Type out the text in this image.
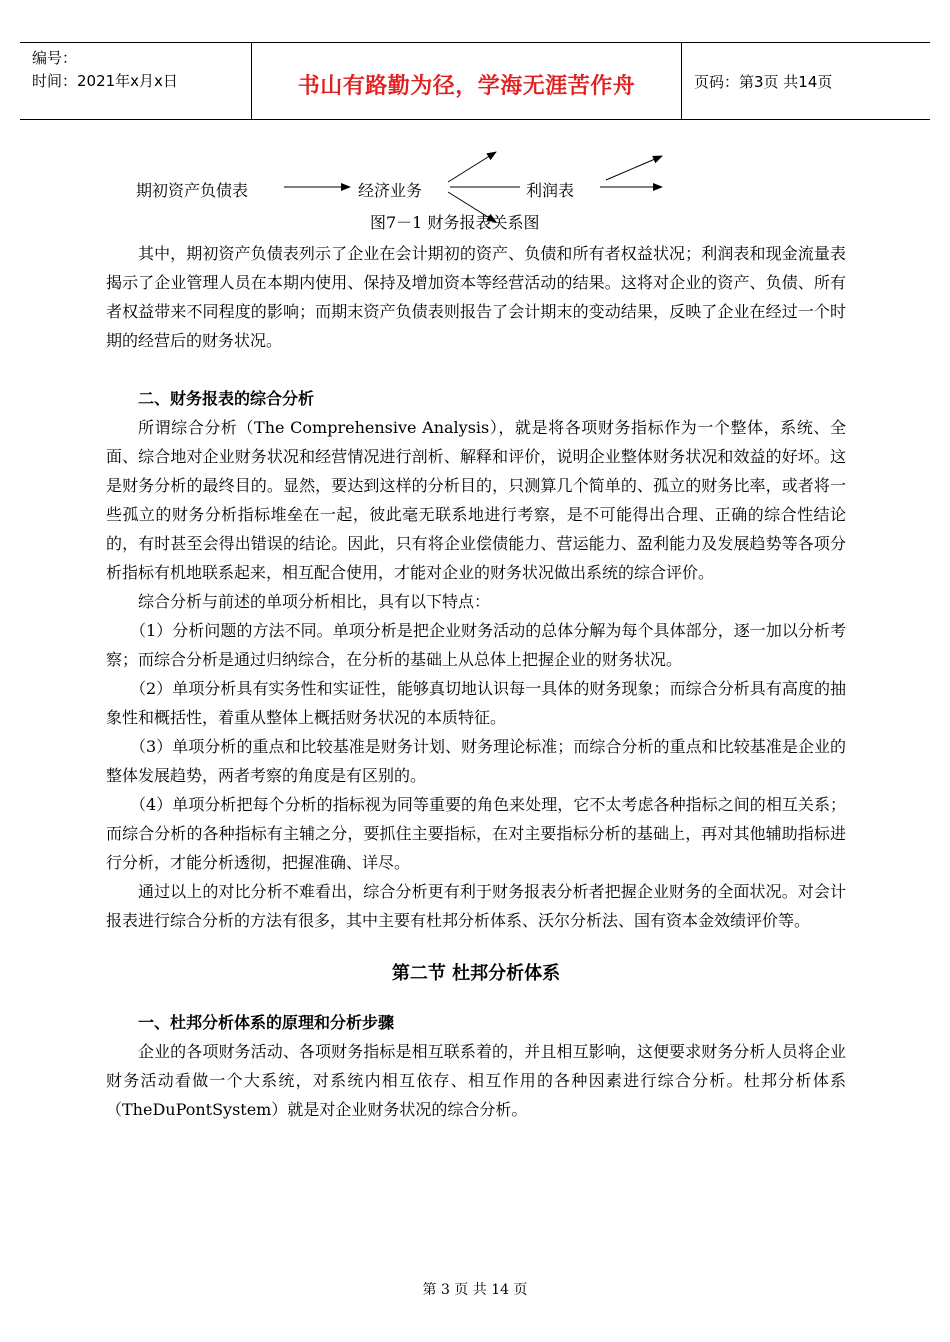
编号：
时间：2021年x月x日	书山有路勤为径，学海无涯苦作舟	页码：第3页 共14页
期初资产负债表	经济业务	利润表
图7－1 财务报表关系图

其中，期初资产负债表列示了企业在会计期初的资产、负债和所有者权益状况；利润表和现金流量表揭示了企业管理人员在本期内使用、保持及增加资本等经营活动的结果。这将对企业的资产、负债、所有者权益带来不同程度的影响；而期末资产负债表则报告了会计期末的变动结果，反映了企业在经过一个时期的经营后的财务状况。

二、财务报表的综合分析

所谓综合分析（The Comprehensive Analysis），就是将各项财务指标作为一个整体，系统、全面、综合地对企业财务状况和经营情况进行剖析、解释和评价，说明企业整体财务状况和效益的好坏。这是财务分析的最终目的。显然，要达到这样的分析目的，只测算几个简单的、孤立的财务比率，或者将一些孤立的财务分析指标堆垒在一起，彼此毫无联系地进行考察，是不可能得出合理、正确的综合性结论的，有时甚至会得出错误的结论。因此，只有将企业偿债能力、营运能力、盈利能力及发展趋势等各项分析指标有机地联系起来，相互配合使用，才能对企业的财务状况做出系统的综合评价。

综合分析与前述的单项分析相比，具有以下特点：

（1）分析问题的方法不同。单项分析是把企业财务活动的总体分解为每个具体部分，逐一加以分析考察；而综合分析是通过归纳综合，在分析的基础上从总体上把握企业的财务状况。

（2）单项分析具有实务性和实证性，能够真切地认识每一具体的财务现象；而综合分析具有高度的抽象性和概括性，着重从整体上概括财务状况的本质特征。

（3）单项分析的重点和比较基准是财务计划、财务理论标准；而综合分析的重点和比较基准是企业的整体发展趋势，两者考察的角度是有区别的。

（4）单项分析把每个分析的指标视为同等重要的角色来处理，它不太考虑各种指标之间的相互关系；而综合分析的各种指标有主辅之分，要抓住主要指标，在对主要指标分析的基础上，再对其他辅助指标进行分析，才能分析透彻，把握准确、详尽。

通过以上的对比分析不难看出，综合分析更有利于财务报表分析者把握企业财务的全面状况。对会计报表进行综合分析的方法有很多，其中主要有杜邦分析体系、沃尔分析法、国有资本金效绩评价等。

第二节 杜邦分析体系
一、杜邦分析体系的原理和分析步骤

企业的各项财务活动、各项财务指标是相互联系着的，并且相互影响，这便要求财务分析人员将企业财务活动看做一个大系统，对系统内相互依存、相互作用的各种因素进行综合分析。杜邦分析体系（TheDuPontSystem）就是对企业财务状况的综合分析。

第 3 页 共 14 页
